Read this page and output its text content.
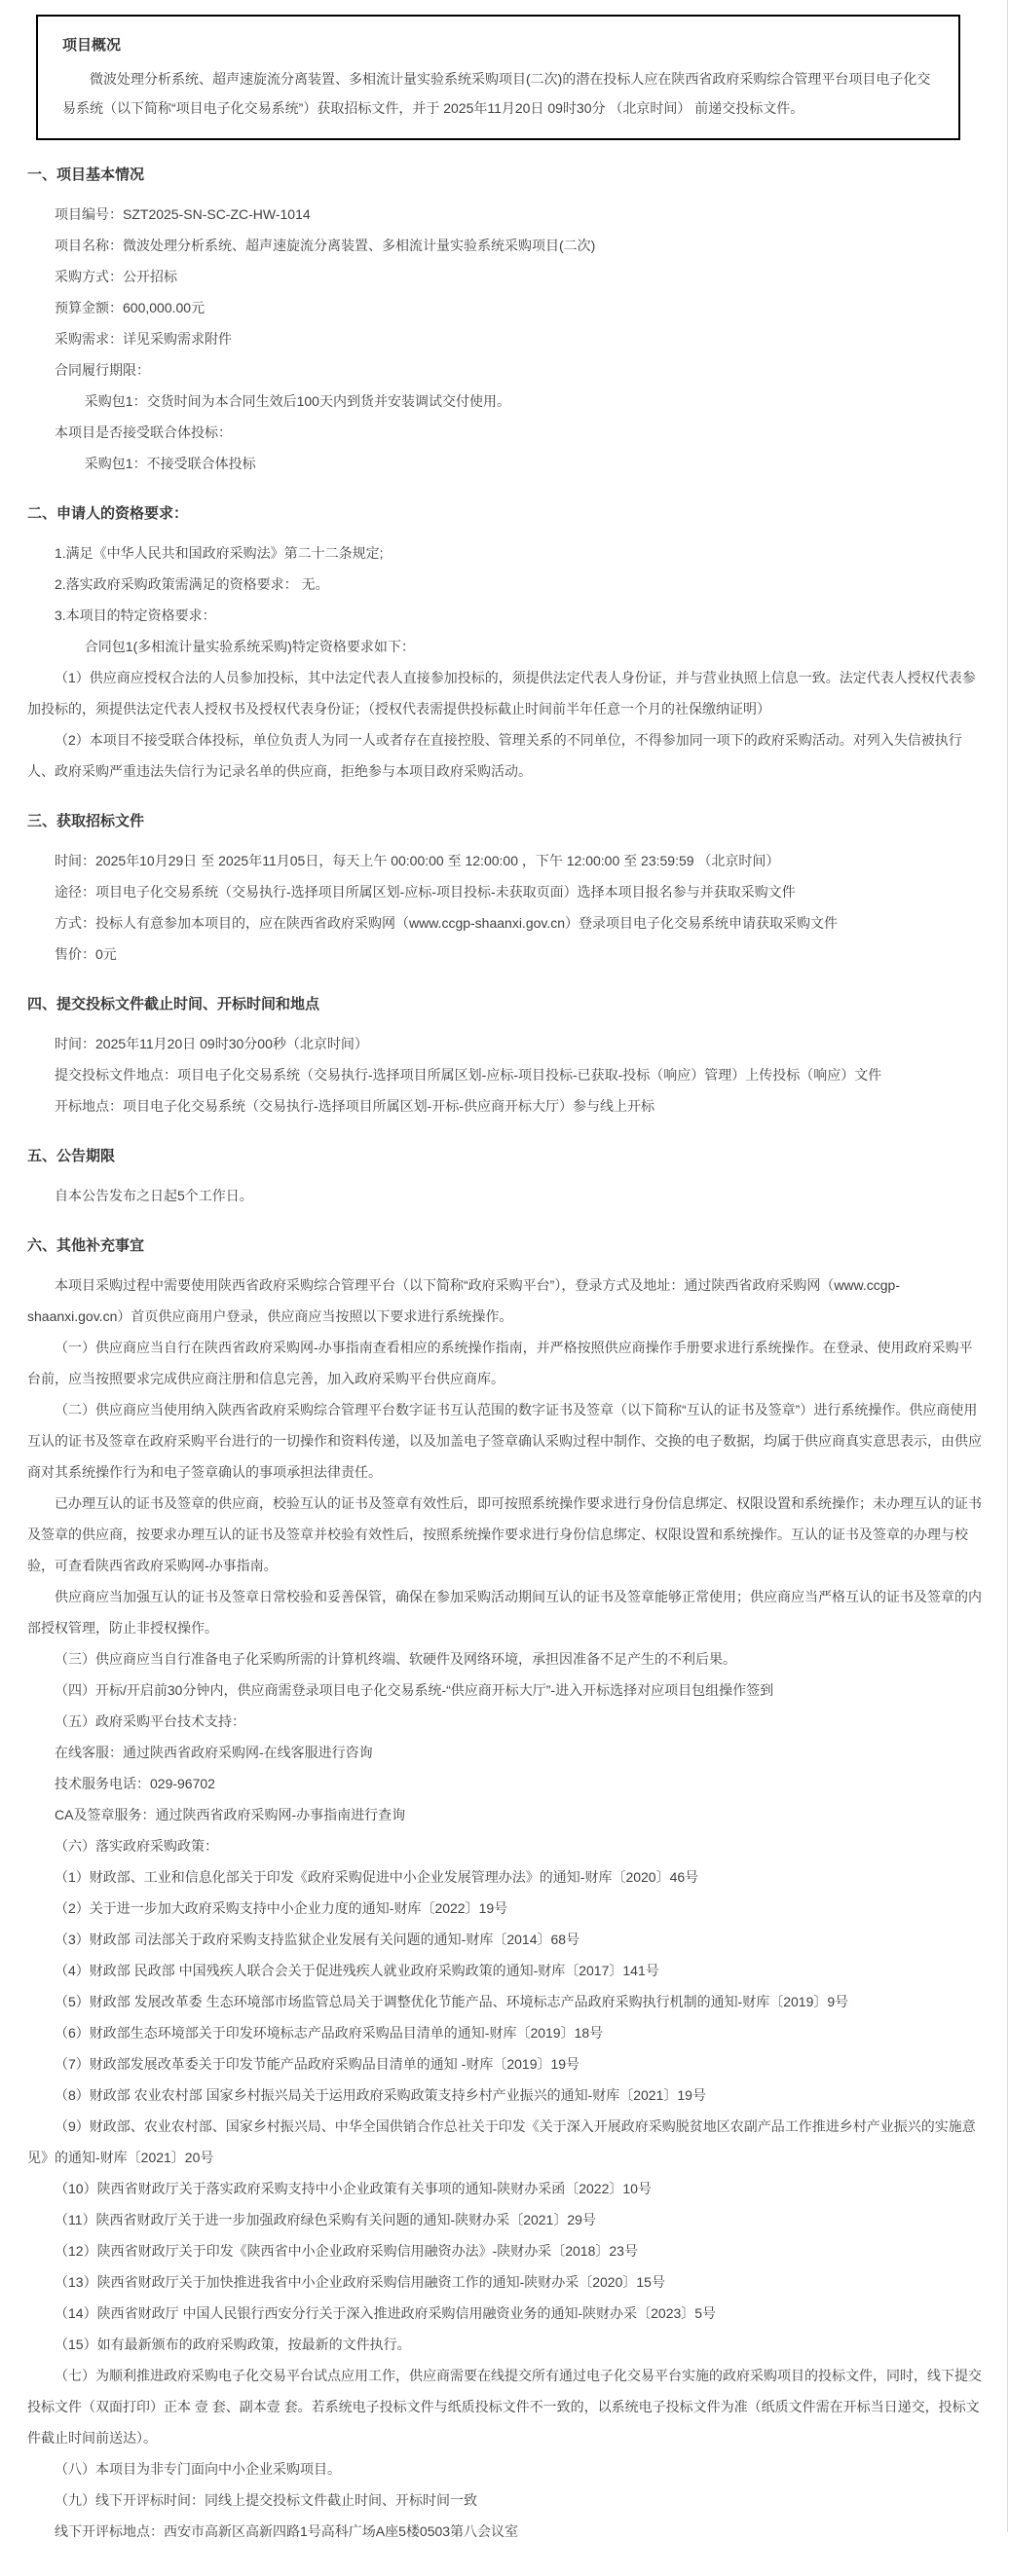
项目概况

微波处理分析系统、超声速旋流分离装置、多相流计量实验系统采购项目(二次)的潜在投标人应在陕西省政府采购综合管理平台项目电子化交易系统（以下简称“项目电子化交易系统”）获取招标文件，并于 2025年11月20日 09时30分 （北京时间） 前递交投标文件。

一、项目基本情况

项目编号：SZT2025-SN-SC-ZC-HW-1014

项目名称：微波处理分析系统、超声速旋流分离装置、多相流计量实验系统采购项目(二次)

采购方式：公开招标

预算金额：600,000.00元

采购需求：详见采购需求附件

合同履行期限：

采购包1：交货时间为本合同生效后100天内到货并安装调试交付使用。

本项目是否接受联合体投标：

采购包1：不接受联合体投标

二、申请人的资格要求：

1.满足《中华人民共和国政府采购法》第二十二条规定;

2.落实政府采购政策需满足的资格要求： 无。

3.本项目的特定资格要求：

合同包1(多相流计量实验系统采购)特定资格要求如下：

（1）供应商应授权合法的人员参加投标，其中法定代表人直接参加投标的，须提供法定代表人身份证，并与营业执照上信息一致。法定代表人授权代表参加投标的，须提供法定代表人授权书及授权代表身份证；（授权代表需提供投标截止时间前半年任意一个月的社保缴纳证明）

（2）本项目不接受联合体投标，单位负责人为同一人或者存在直接控股、管理关系的不同单位，不得参加同一项下的政府采购活动。对列入失信被执行人、政府采购严重违法失信行为记录名单的供应商，拒绝参与本项目政府采购活动。

三、获取招标文件

时间：2025年10月29日 至 2025年11月05日，每天上午 00:00:00 至 12:00:00 ，下午 12:00:00 至 23:59:59 （北京时间）

途径：项目电子化交易系统（交易执行-选择项目所属区划-应标-项目投标-未获取页面）选择本项目报名参与并获取采购文件

方式：投标人有意参加本项目的，应在陕西省政府采购网（www.ccgp-shaanxi.gov.cn）登录项目电子化交易系统申请获取采购文件

售价：0元

四、提交投标文件截止时间、开标时间和地点

时间：2025年11月20日 09时30分00秒（北京时间）

提交投标文件地点：项目电子化交易系统（交易执行-选择项目所属区划-应标-项目投标-已获取-投标（响应）管理）上传投标（响应）文件

开标地点：项目电子化交易系统（交易执行-选择项目所属区划-开标-供应商开标大厅）参与线上开标

五、公告期限

自本公告发布之日起5个工作日。

六、其他补充事宜

本项目采购过程中需要使用陕西省政府采购综合管理平台（以下简称“政府采购平台”），登录方式及地址：通过陕西省政府采购网（www.ccgp-shaanxi.gov.cn）首页供应商用户登录，供应商应当按照以下要求进行系统操作。

（一）供应商应当自行在陕西省政府采购网-办事指南查看相应的系统操作指南，并严格按照供应商操作手册要求进行系统操作。在登录、使用政府采购平台前，应当按照要求完成供应商注册和信息完善，加入政府采购平台供应商库。

（二）供应商应当使用纳入陕西省政府采购综合管理平台数字证书互认范围的数字证书及签章（以下简称“互认的证书及签章”）进行系统操作。供应商使用互认的证书及签章在政府采购平台进行的一切操作和资料传递，以及加盖电子签章确认采购过程中制作、交换的电子数据，均属于供应商真实意思表示，由供应商对其系统操作行为和电子签章确认的事项承担法律责任。

已办理互认的证书及签章的供应商，校验互认的证书及签章有效性后，即可按照系统操作要求进行身份信息绑定、权限设置和系统操作；未办理互认的证书及签章的供应商，按要求办理互认的证书及签章并校验有效性后，按照系统操作要求进行身份信息绑定、权限设置和系统操作。互认的证书及签章的办理与校验，可查看陕西省政府采购网-办事指南。

供应商应当加强互认的证书及签章日常校验和妥善保管，确保在参加采购活动期间互认的证书及签章能够正常使用；供应商应当严格互认的证书及签章的内部授权管理，防止非授权操作。

（三）供应商应当自行准备电子化采购所需的计算机终端、软硬件及网络环境，承担因准备不足产生的不利后果。

（四）开标/开启前30分钟内，供应商需登录项目电子化交易系统-“供应商开标大厅”-进入开标选择对应项目包组操作签到

（五）政府采购平台技术支持：

在线客服：通过陕西省政府采购网-在线客服进行咨询

技术服务电话：029-96702

CA及签章服务：通过陕西省政府采购网-办事指南进行查询

（六）落实政府采购政策：

（1）财政部、工业和信息化部关于印发《政府采购促进中小企业发展管理办法》的通知-财库〔2020〕46号

（2）关于进一步加大政府采购支持中小企业力度的通知-财库〔2022〕19号

（3）财政部 司法部关于政府采购支持监狱企业发展有关问题的通知-财库〔2014〕68号

（4）财政部 民政部 中国残疾人联合会关于促进残疾人就业政府采购政策的通知-财库〔2017〕141号

（5）财政部 发展改革委 生态环境部市场监管总局关于调整优化节能产品、环境标志产品政府采购执行机制的通知-财库〔2019〕9号

（6）财政部生态环境部关于印发环境标志产品政府采购品目清单的通知-财库〔2019〕18号

（7）财政部发展改革委关于印发节能产品政府采购品目清单的通知 -财库〔2019〕19号

（8）财政部 农业农村部 国家乡村振兴局关于运用政府采购政策支持乡村产业振兴的通知-财库〔2021〕19号

（9）财政部、农业农村部、国家乡村振兴局、中华全国供销合作总社关于印发《关于深入开展政府采购脱贫地区农副产品工作推进乡村产业振兴的实施意见》的通知-财库〔2021〕20号

（10）陕西省财政厅关于落实政府采购支持中小企业政策有关事项的通知-陕财办采函〔2022〕10号

（11）陕西省财政厅关于进一步加强政府绿色采购有关问题的通知-陕财办采〔2021〕29号

（12）陕西省财政厅关于印发《陕西省中小企业政府采购信用融资办法》-陕财办采〔2018〕23号

（13）陕西省财政厅关于加快推进我省中小企业政府采购信用融资工作的通知-陕财办采〔2020〕15号

（14）陕西省财政厅 中国人民银行西安分行关于深入推进政府采购信用融资业务的通知-陕财办采〔2023〕5号

（15）如有最新颁布的政府采购政策，按最新的文件执行。

（七）为顺利推进政府采购电子化交易平台试点应用工作，供应商需要在线提交所有通过电子化交易平台实施的政府采购项目的投标文件，同时，线下提交投标文件（双面打印）正本 壹 套、副本壹 套。若系统电子投标文件与纸质投标文件不一致的，以系统电子投标文件为准（纸质文件需在开标当日递交，投标文件截止时间前送达）。

（八）本项目为非专门面向中小企业采购项目。

（九）线下开评标时间：同线上提交投标文件截止时间、开标时间一致

线下开评标地点：西安市高新区高新四路1号高科广场A座5楼0503第八会议室
